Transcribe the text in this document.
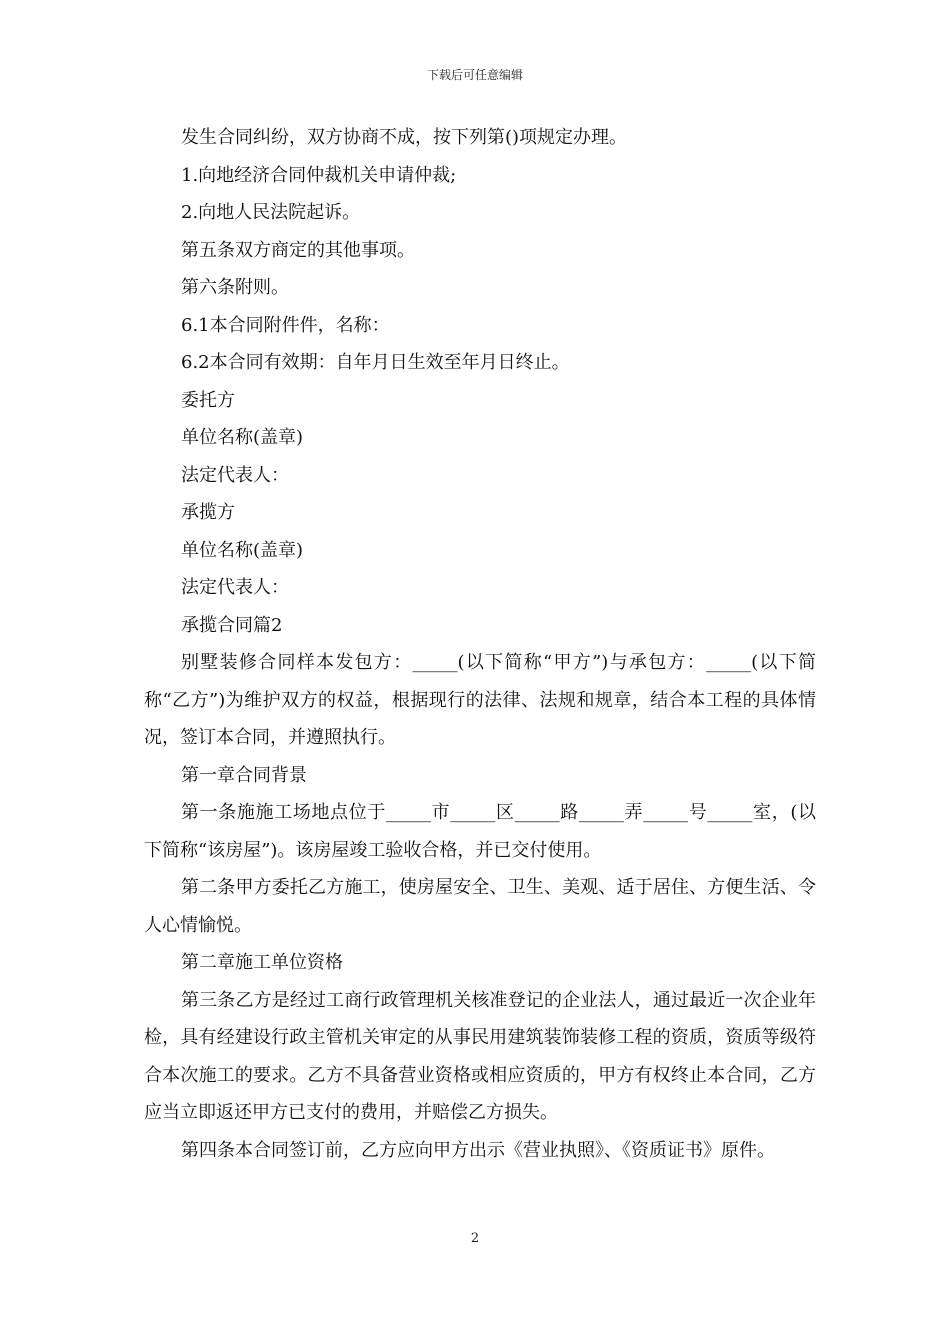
下载后可任意编辑

发生合同纠纷，双方协商不成，按下列第()项规定办理。

1.向地经济合同仲裁机关申请仲裁;

2.向地人民法院起诉。

第五条双方商定的其他事项。

第六条附则。

6.1本合同附件件，名称：

6.2本合同有效期：自年月日生效至年月日终止。

委托方

单位名称(盖章)

法定代表人：

承揽方

单位名称(盖章)

法定代表人：

承揽合同篇2

别墅装修合同样本发包方：_____(以下简称“甲方”)与承包方：_____(以下简称“乙方”)为维护双方的权益，根据现行的法律、法规和规章，结合本工程的具体情况，签订本合同，并遵照执行。

第一章合同背景

第一条施施工场地点位于_____市_____区_____路_____弄_____号_____室，(以下简称“该房屋”)。该房屋竣工验收合格，并已交付使用。

第二条甲方委托乙方施工，使房屋安全、卫生、美观、适于居住、方便生活、令人心情愉悦。

第二章施工单位资格

第三条乙方是经过工商行政管理机关核准登记的企业法人，通过最近一次企业年检，具有经建设行政主管机关审定的从事民用建筑装饰装修工程的资质，资质等级符合本次施工的要求。乙方不具备营业资格或相应资质的，甲方有权终止本合同，乙方应当立即返还甲方已支付的费用，并赔偿乙方损失。

第四条本合同签订前，乙方应向甲方出示《营业执照》、《资质证书》原件。

2
